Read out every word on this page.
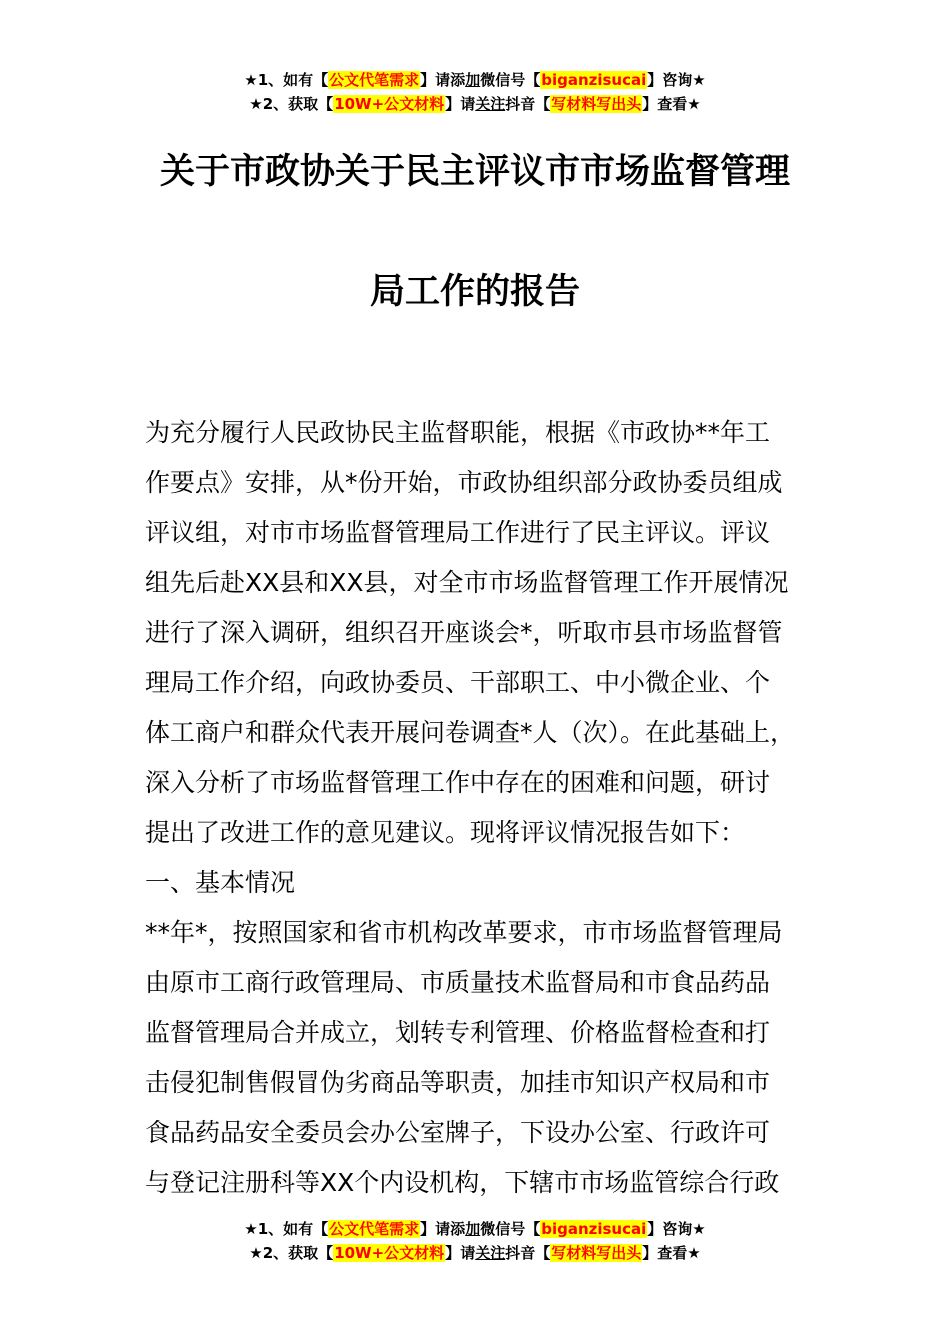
★1、如有【公文代笔需求】请添加微信号【biganzisucai】咨询★
★2、获取【10W+公文材料】请关注抖音【写材料写出头】查看★
关于市政协关于民主评议市市场监督管理
局工作的报告
为充分履行人民政协民主监督职能，根据《市政协**年工
作要点》安排，从*份开始，市政协组织部分政协委员组成
评议组，对市市场监督管理局工作进行了民主评议。评议
组先后赴XX县和XX县，对全市市场监督管理工作开展情况
进行了深入调研，组织召开座谈会*，听取市县市场监督管
理局工作介绍，向政协委员、干部职工、中小微企业、个
体工商户和群众代表开展问卷调查*人（次）。在此基础上，
深入分析了市场监督管理工作中存在的困难和问题，研讨
提出了改进工作的意见建议。现将评议情况报告如下：
一、基本情况
**年*，按照国家和省市机构改革要求，市市场监督管理局
由原市工商行政管理局、市质量技术监督局和市食品药品
监督管理局合并成立，划转专利管理、价格监督检查和打
击侵犯制售假冒伪劣商品等职责，加挂市知识产权局和市
食品药品安全委员会办公室牌子，下设办公室、行政许可
与登记注册科等XX个内设机构，下辖市市场监管综合行政
★1、如有【公文代笔需求】请添加微信号【biganzisucai】咨询★
★2、获取【10W+公文材料】请关注抖音【写材料写出头】查看★
